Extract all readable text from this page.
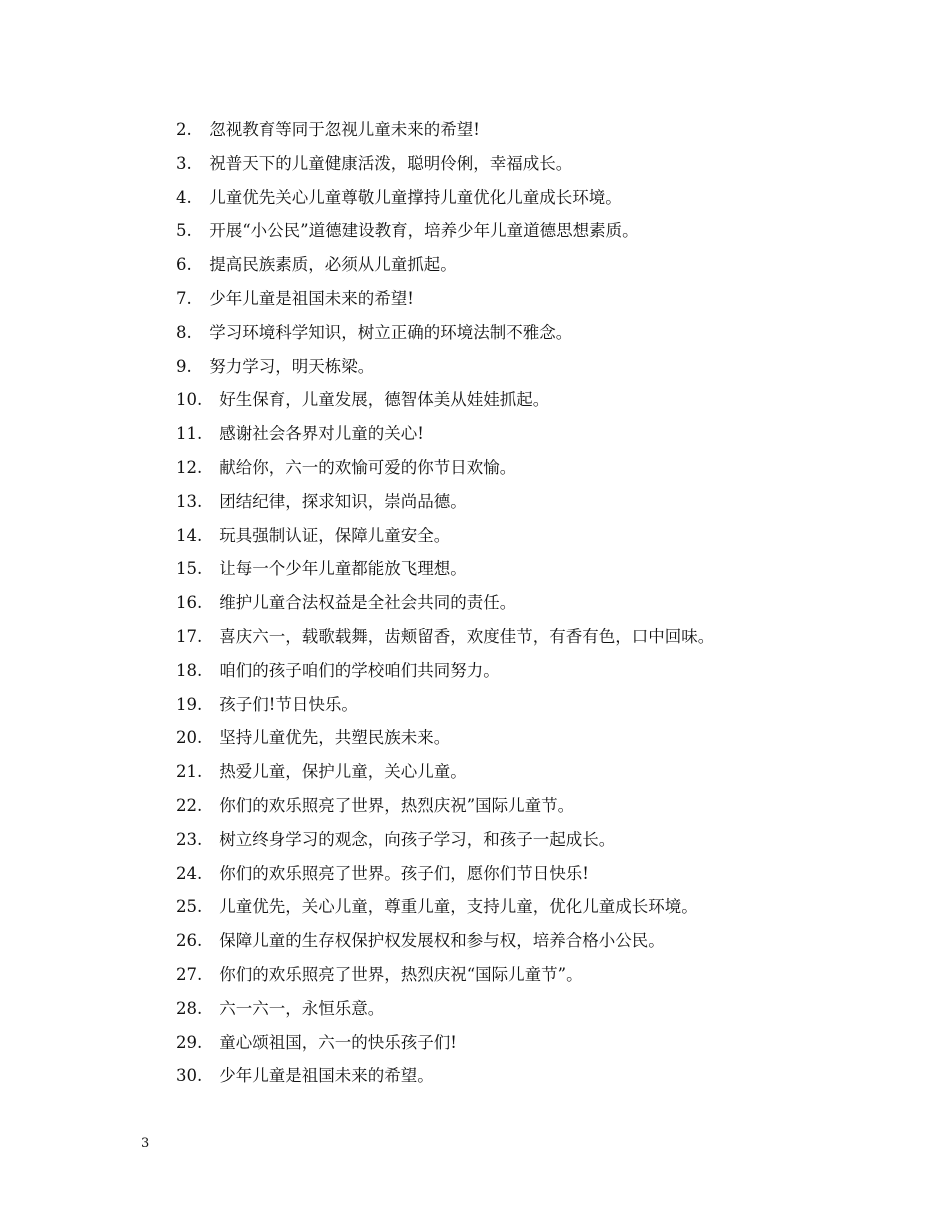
2. 忽视教育等同于忽视儿童未来的希望!
3. 祝普天下的儿童健康活泼，聪明伶俐，幸福成长。
4. 儿童优先关心儿童尊敬儿童撑持儿童优化儿童成长环境。
5. 开展“小公民”道德建设教育，培养少年儿童道德思想素质。
6. 提高民族素质，必须从儿童抓起。
7. 少年儿童是祖国未来的希望!
8. 学习环境科学知识，树立正确的环境法制不雅念。
9. 努力学习，明天栋梁。
10. 好生保育，儿童发展，德智体美从娃娃抓起。
11. 感谢社会各界对儿童的关心!
12. 献给你，六一的欢愉可爱的你节日欢愉。
13. 团结纪律，探求知识，崇尚品德。
14. 玩具强制认证，保障儿童安全。
15. 让每一个少年儿童都能放飞理想。
16. 维护儿童合法权益是全社会共同的责任。
17. 喜庆六一，载歌载舞，齿颊留香，欢度佳节，有香有色，口中回味。
18. 咱们的孩子咱们的学校咱们共同努力。
19. 孩子们!节日快乐。
20. 坚持儿童优先，共塑民族未来。
21. 热爱儿童，保护儿童，关心儿童。
22. 你们的欢乐照亮了世界，热烈庆祝”国际儿童节。
23. 树立终身学习的观念，向孩子学习，和孩子一起成长。
24. 你们的欢乐照亮了世界。孩子们，愿你们节日快乐!
25. 儿童优先，关心儿童，尊重儿童，支持儿童，优化儿童成长环境。
26. 保障儿童的生存权保护权发展权和参与权，培养合格小公民。
27. 你们的欢乐照亮了世界，热烈庆祝“国际儿童节”。
28. 六一六一，永恒乐意。
29. 童心颂祖国，六一的快乐孩子们!
30. 少年儿童是祖国未来的希望。
3
